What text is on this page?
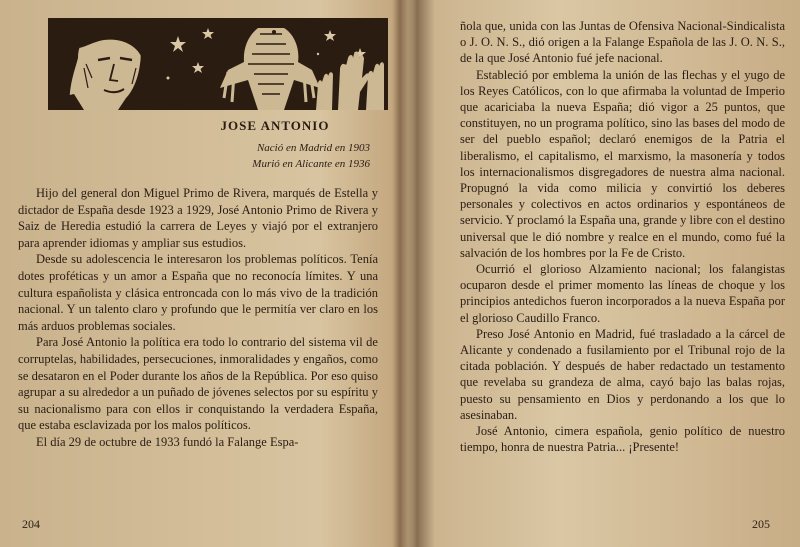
JOSE ANTONIO
Nació en Madrid en 1903
Murió en Alicante en 1936

Hijo del general don Miguel Primo de Rivera, marqués de Estella y dictador de España desde 1923 a 1929, José Antonio Primo de Rivera y Saiz de Heredia estudió la carrera de Leyes y viajó por el extranjero para aprender idiomas y ampliar sus estudios.

Desde su adolescencia le interesaron los problemas políticos. Tenía dotes proféticas y un amor a España que no reconocía límites. Y una cultura españolista y clásica entroncada con lo más vivo de la tradición nacional. Y un talento claro y profundo que le permitía ver claro en los más arduos problemas sociales.

Para José Antonio la política era todo lo contrario del sistema vil de corruptelas, habilidades, persecuciones, inmoralidades y engaños, como se desataron en el Poder durante los años de la República. Por eso quiso agrupar a su alrededor a un puñado de jóvenes selectos por su espíritu y su nacionalismo para con ellos ir conquistando la verdadera España, que estaba esclavizada por los malos políticos.

El día 29 de octubre de 1933 fundó la Falange Espa-

204

ñola que, unida con las Juntas de Ofensiva Nacional-Sindicalista o J. O. N. S., dió origen a la Falange Española de las J. O. N. S., de la que José Antonio fué jefe nacional.

Estableció por emblema la unión de las flechas y el yugo de los Reyes Católicos, con lo que afirmaba la voluntad de Imperio que acariciaba la nueva España; dió vigor a 25 puntos, que constituyen, no un programa político, sino las bases del modo de ser del pueblo español; declaró enemigos de la Patria el liberalismo, el capitalismo, el marxismo, la masonería y todos los internacionalismos disgregadores de nuestra alma nacional. Propugnó la vida como milicia y convirtió los deberes personales y colectivos en actos ordinarios y espontáneos de servicio. Y proclamó la España una, grande y libre con el destino universal que le dió nombre y realce en el mundo, como fué la salvación de los hombres por la Fe de Cristo.

Ocurrió el glorioso Alzamiento nacional; los falangistas ocuparon desde el primer momento las líneas de choque y los principios antedichos fueron incorporados a la nueva España por el glorioso Caudillo Franco.

Preso José Antonio en Madrid, fué trasladado a la cárcel de Alicante y condenado a fusilamiento por el Tribunal rojo de la citada población. Y después de haber redactado un testamento que revelaba su grandeza de alma, cayó bajo las balas rojas, puesto su pensamiento en Dios y perdonando a los que lo asesinaban.

José Antonio, cimera española, genio político de nuestro tiempo, honra de nuestra Patria... ¡Presente!

205
